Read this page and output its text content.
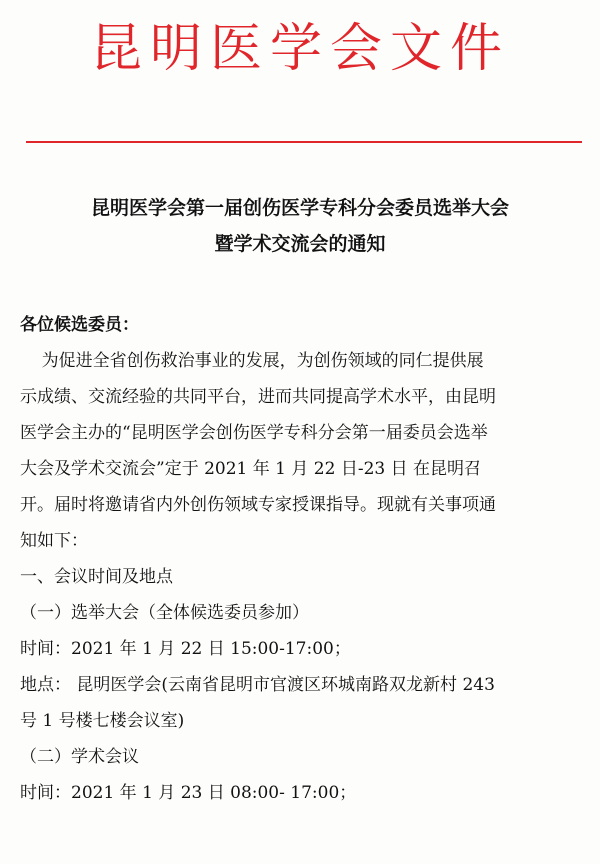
昆明医学会文件
昆明医学会第一届创伤医学专科分会委员选举大会
暨学术交流会的通知
各位候选委员：
为促进全省创伤救治事业的发展，为创伤领域的同仁提供展
示成绩、交流经验的共同平台，进而共同提高学术水平，由昆明
医学会主办的“昆明医学会创伤医学专科分会第一届委员会选举
大会及学术交流会”定于 2021 年 1 月 22 日-23 日 在昆明召
开。届时将邀请省内外创伤领域专家授课指导。现就有关事项通
知如下：
一、会议时间及地点
（一）选举大会（全体候选委员参加）
时间：2021 年 1 月 22 日 15:00-17:00；
地点： 昆明医学会(云南省昆明市官渡区环城南路双龙新村 243
号 1 号楼七楼会议室)
（二）学术会议
时间：2021 年 1 月 23 日 08:00- 17:00；
